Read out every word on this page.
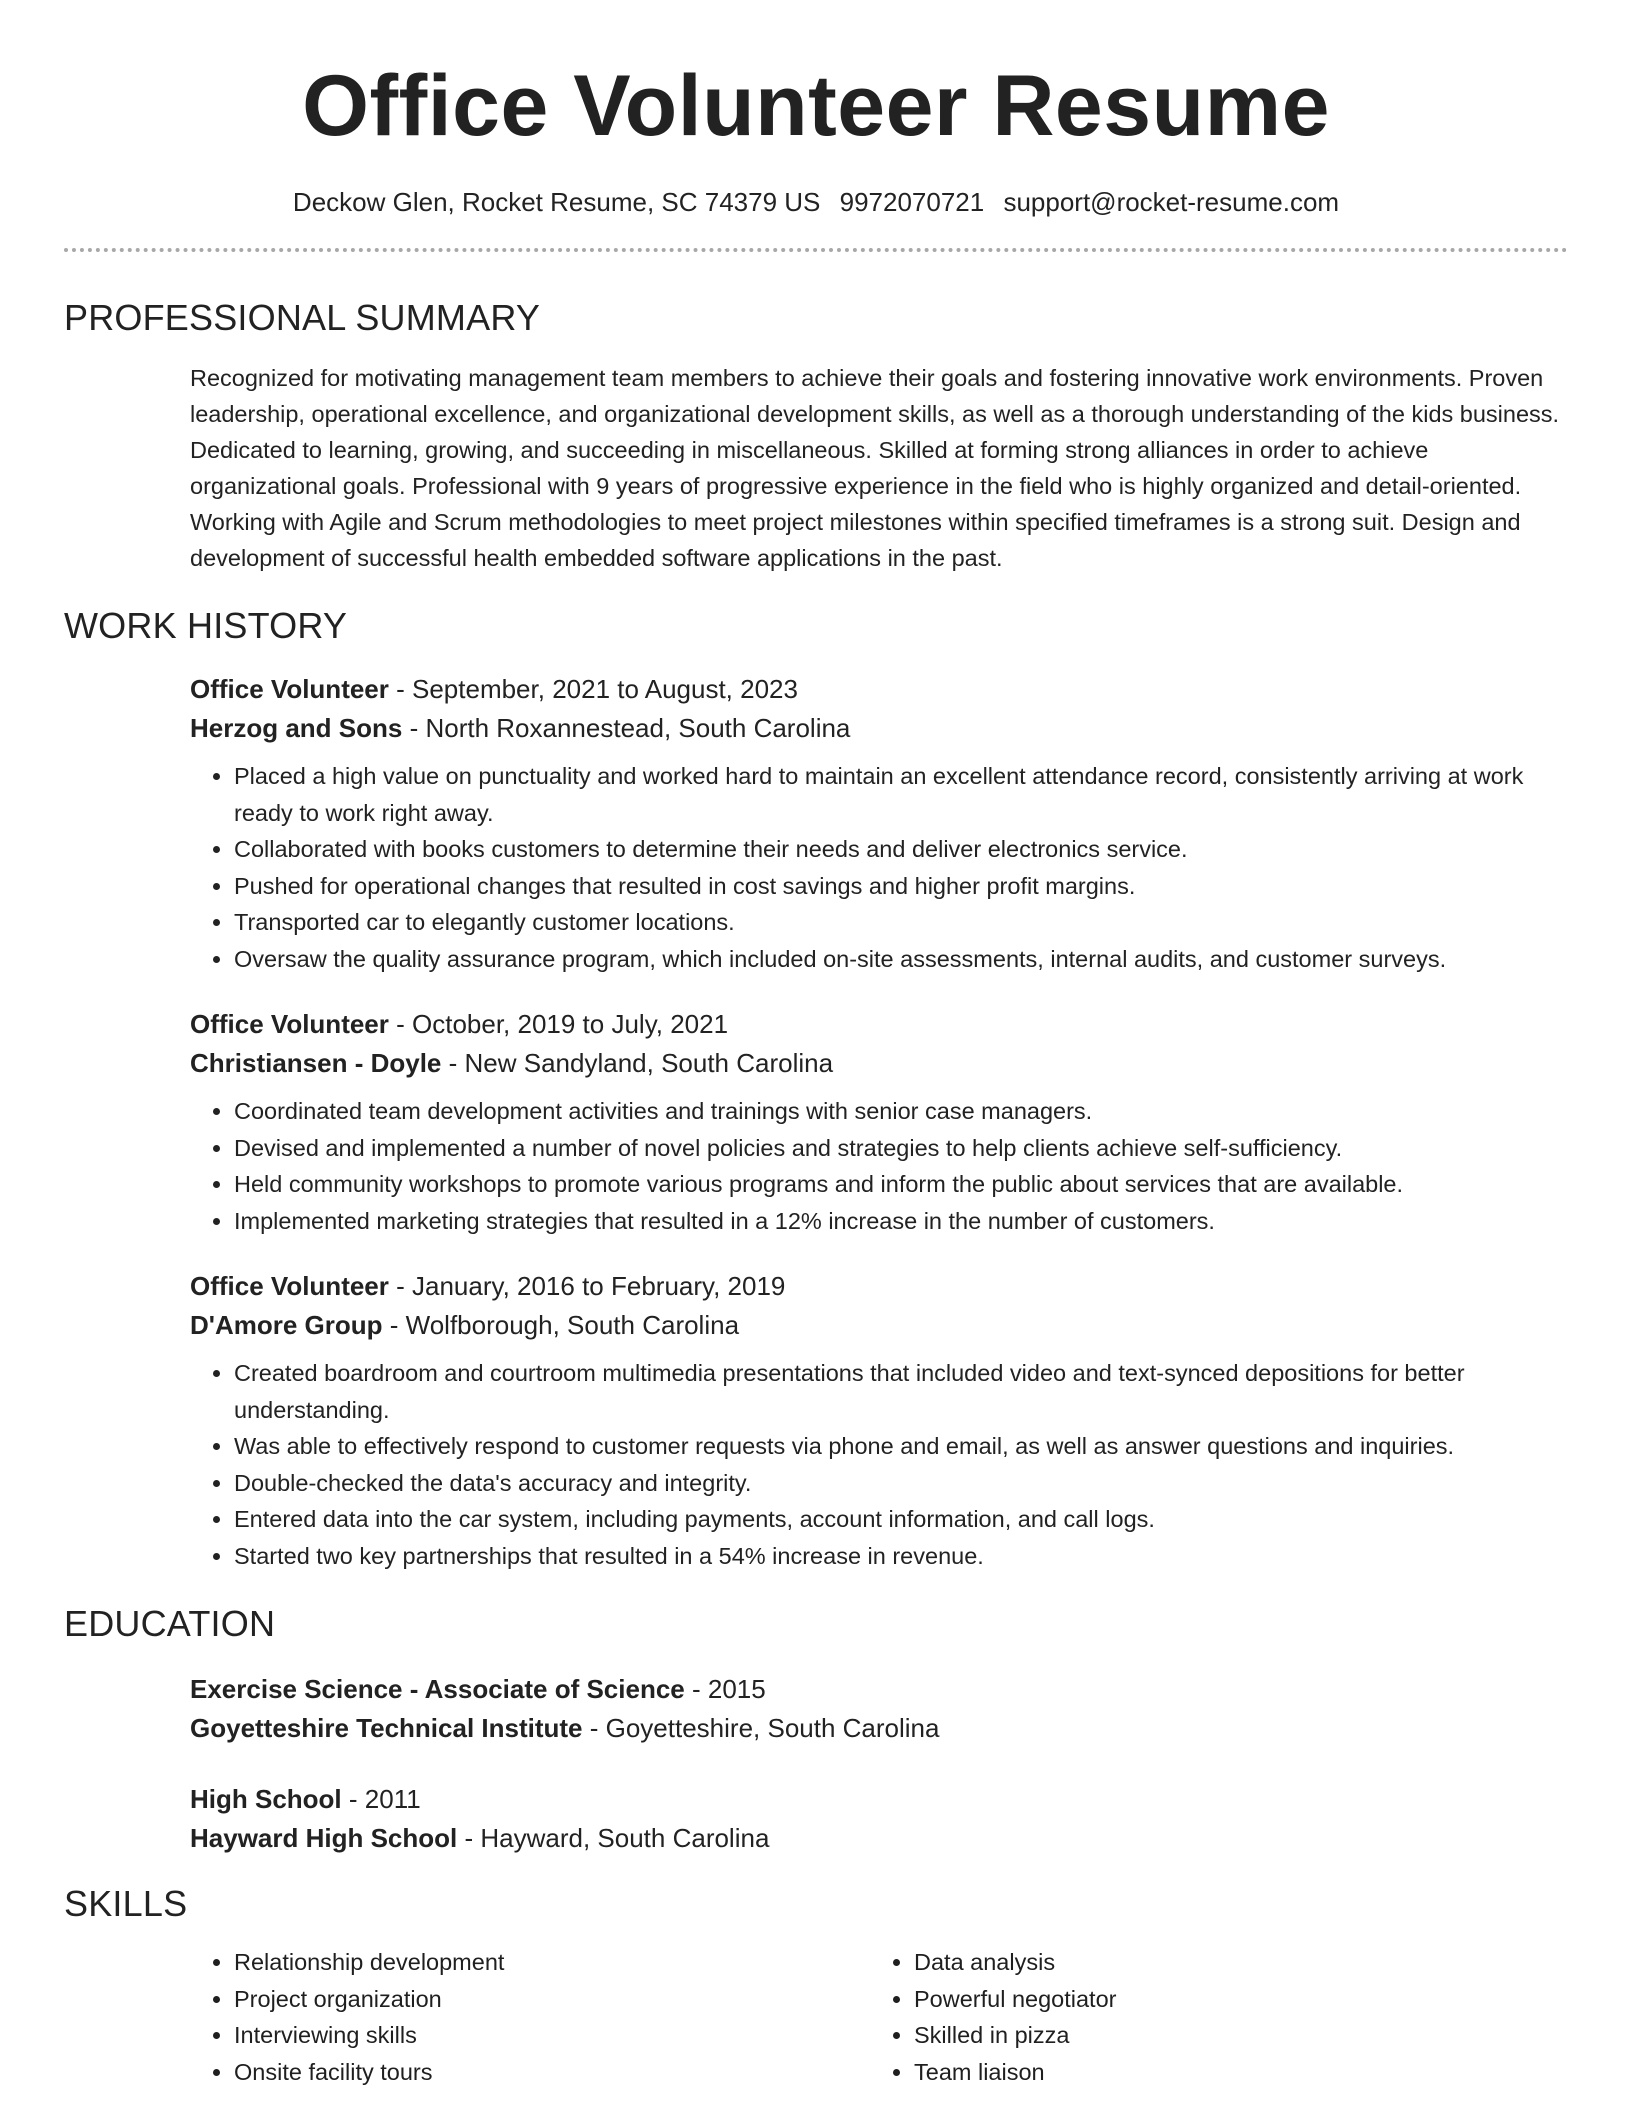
Office Volunteer Resume
Deckow Glen, Rocket Resume, SC 74379 US 9972070721 support@rocket-resume.com
PROFESSIONAL SUMMARY
Recognized for motivating management team members to achieve their goals and fostering innovative work environments. Proven leadership, operational excellence, and organizational development skills, as well as a thorough understanding of the kids business. Dedicated to learning, growing, and succeeding in miscellaneous. Skilled at forming strong alliances in order to achieve organizational goals. Professional with 9 years of progressive experience in the field who is highly organized and detail-oriented. Working with Agile and Scrum methodologies to meet project milestones within specified timeframes is a strong suit. Design and development of successful health embedded software applications in the past.
WORK HISTORY
Office Volunteer - September, 2021 to August, 2023
Herzog and Sons - North Roxannestead, South Carolina
• Placed a high value on punctuality and worked hard to maintain an excellent attendance record, consistently arriving at work ready to work right away.
• Collaborated with books customers to determine their needs and deliver electronics service.
• Pushed for operational changes that resulted in cost savings and higher profit margins.
• Transported car to elegantly customer locations.
• Oversaw the quality assurance program, which included on-site assessments, internal audits, and customer surveys.
Office Volunteer - October, 2019 to July, 2021
Christiansen - Doyle - New Sandyland, South Carolina
• Coordinated team development activities and trainings with senior case managers.
• Devised and implemented a number of novel policies and strategies to help clients achieve self-sufficiency.
• Held community workshops to promote various programs and inform the public about services that are available.
• Implemented marketing strategies that resulted in a 12% increase in the number of customers.
Office Volunteer - January, 2016 to February, 2019
D'Amore Group - Wolfborough, South Carolina
• Created boardroom and courtroom multimedia presentations that included video and text-synced depositions for better understanding.
• Was able to effectively respond to customer requests via phone and email, as well as answer questions and inquiries.
• Double-checked the data's accuracy and integrity.
• Entered data into the car system, including payments, account information, and call logs.
• Started two key partnerships that resulted in a 54% increase in revenue.
EDUCATION
Exercise Science - Associate of Science - 2015
Goyetteshire Technical Institute - Goyetteshire, South Carolina
High School - 2011
Hayward High School - Hayward, South Carolina
SKILLS
• Relationship development
• Project organization
• Interviewing skills
• Onsite facility tours
• Data analysis
• Powerful negotiator
• Skilled in pizza
• Team liaison
